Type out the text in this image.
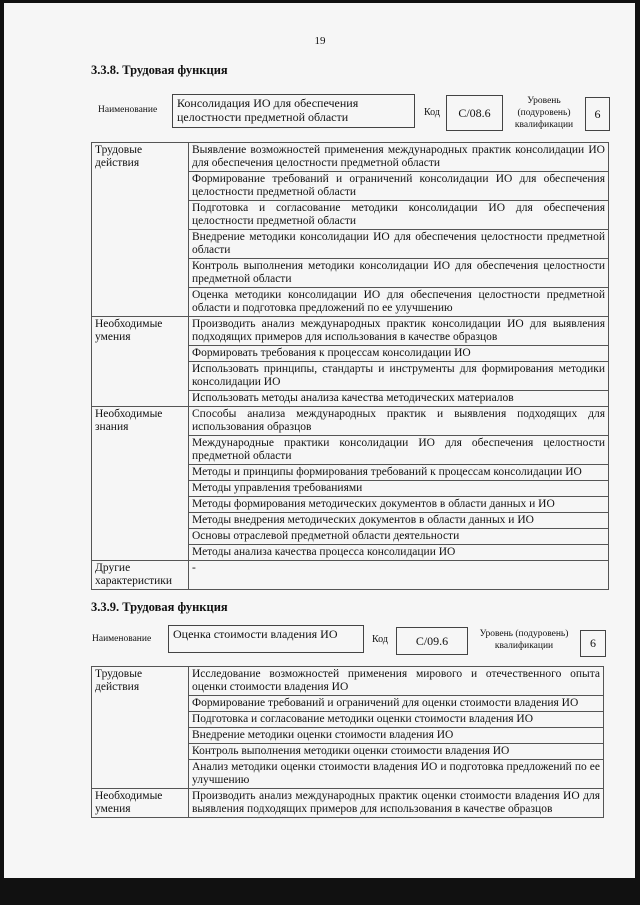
19
3.3.8. Трудовая функция
Наименование	Консолидация ИО для обеспечения целостности предметной области	Код	C/08.6
Уровень (подуровень) квалификации
6
Трудовые действия	Выявление возможностей применения международных практик консолидации ИО для обеспечения целостности предметной области
	Формирование требований и ограничений консолидации ИО для обеспечения целостности предметной области
	Подготовка и согласование методики консолидации ИО для обеспечения целостности предметной области
	Внедрение методики консолидации ИО для обеспечения целостности предметной области
	Контроль выполнения методики консолидации ИО для обеспечения целостности предметной области
	Оценка методики консолидации ИО для обеспечения целостности предметной области и подготовка предложений по ее улучшению
Необходимые умения	Производить анализ международных практик консолидации ИО для выявления подходящих примеров для использования в качестве образцов
	Формировать требования к процессам консолидации ИО
	Использовать принципы, стандарты и инструменты для формирования методики консолидации ИО
	Использовать методы анализа качества методических материалов
Необходимые знания	Способы анализа международных практик и выявления подходящих для использования образцов
	Международные практики консолидации ИО для обеспечения целостности предметной области
	Методы и принципы формирования требований к процессам консолидации ИО
	Методы управления требованиями
	Методы формирования методических документов в области данных и ИО
	Методы внедрения методических документов в области данных и ИО
	Основы отраслевой предметной области деятельности
	Методы анализа качества процесса консолидации ИО
Другие характеристики	-
3.3.9. Трудовая функция
Наименование	Оценка стоимости владения ИО	Код	C/09.6	Уровень (подуровень) квалификации	6
Трудовые действия	Исследование возможностей применения мирового и отечественного опыта оценки стоимости владения ИО
	Формирование требований и ограничений для оценки стоимости владения ИО
	Подготовка и согласование методики оценки стоимости владения ИО
	Внедрение методики оценки стоимости владения ИО
	Контроль выполнения методики оценки стоимости владения ИО
	Анализ методики оценки стоимости владения ИО и подготовка предложений по ее улучшению
Необходимые умения	Производить анализ международных практик оценки стоимости владения ИО для выявления подходящих примеров для использования в качестве образцов
